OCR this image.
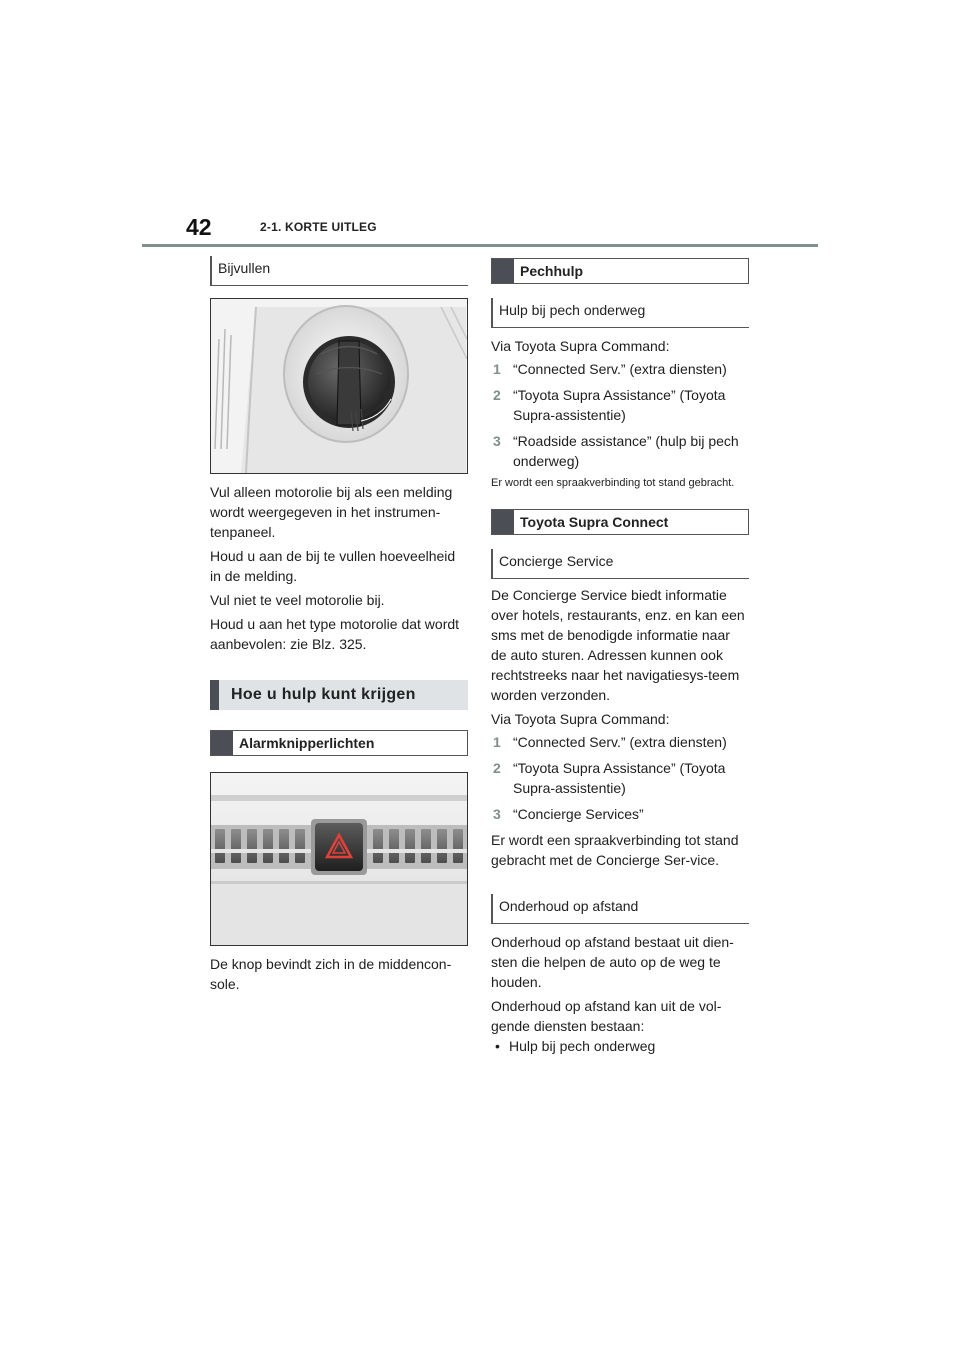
42	2-1. KORTE UITLEG
Bijvullen

Vul alleen motorolie bij als een melding wordt weergegeven in het instrumen-tenpaneel.

Houd u aan de bij te vullen hoeveelheid in de melding.

Vul niet te veel motorolie bij.

Houd u aan het type motorolie dat wordt aanbevolen: zie Blz. 325.

Hoe u hulp kunt krijgen
Alarmknipperlichten

De knop bevindt zich in de middencon-sole.

Pechhulp
Hulp bij pech onderweg

Via Toyota Supra Command:

1 “Connected Serv.” (extra diensten)
2 “Toyota Supra Assistance” (Toyota Supra-assistentie)
3 “Roadside assistance” (hulp bij pech onderweg)

Er wordt een spraakverbinding tot stand gebracht.

Toyota Supra Connect
Concierge Service

De Concierge Service biedt informatie over hotels, restaurants, enz. en kan een sms met de benodigde informatie naar de auto sturen. Adressen kunnen ook rechtstreeks naar het navigatiesys-teem worden verzonden.

Via Toyota Supra Command:

1 “Connected Serv.” (extra diensten)
2 “Toyota Supra Assistance” (Toyota Supra-assistentie)
3 “Concierge Services”

Er wordt een spraakverbinding tot stand gebracht met de Concierge Ser-vice.

Onderhoud op afstand

Onderhoud op afstand bestaat uit dien-sten die helpen de auto op de weg te houden.

Onderhoud op afstand kan uit de vol-gende diensten bestaan:

• Hulp bij pech onderweg
